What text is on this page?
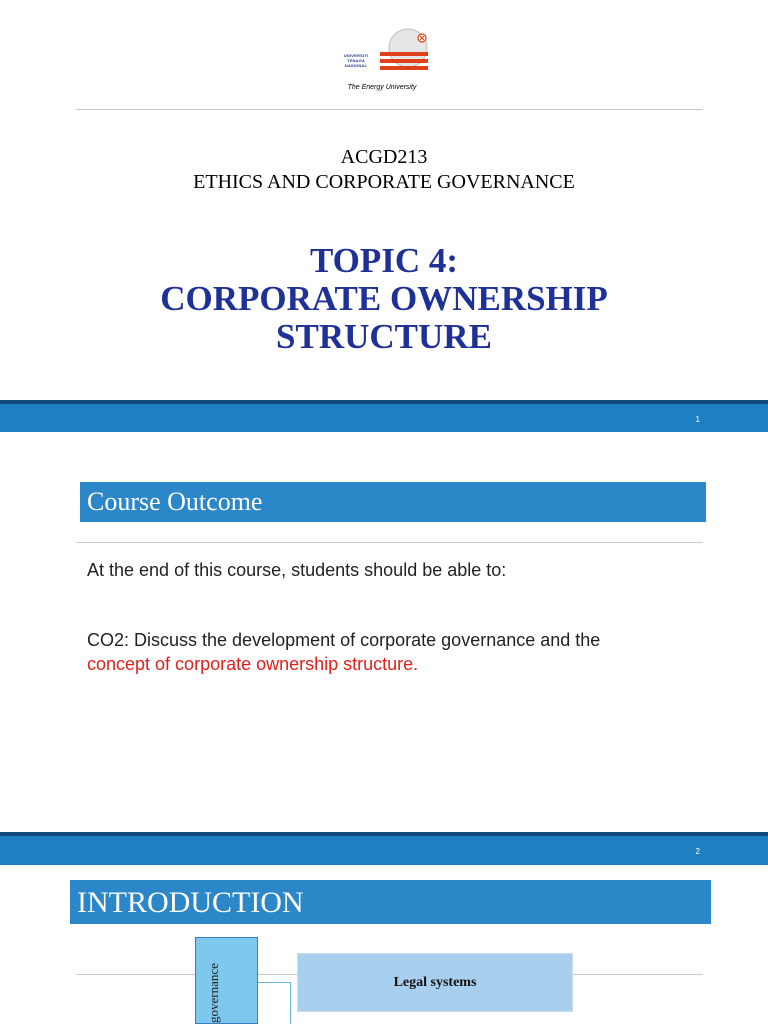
UNIVERSITI
TENAGA
NASIONAL
The Energy University
ACGD213
ETHICS AND CORPORATE GOVERNANCE
TOPIC 4:
CORPORATE OWNERSHIP
STRUCTURE
1
Course Outcome
At the end of this course, students should be able to:
CO2: Discuss the development of corporate governance and the
concept of corporate ownership structure.
2
INTRODUCTION
governance	Legal systems
